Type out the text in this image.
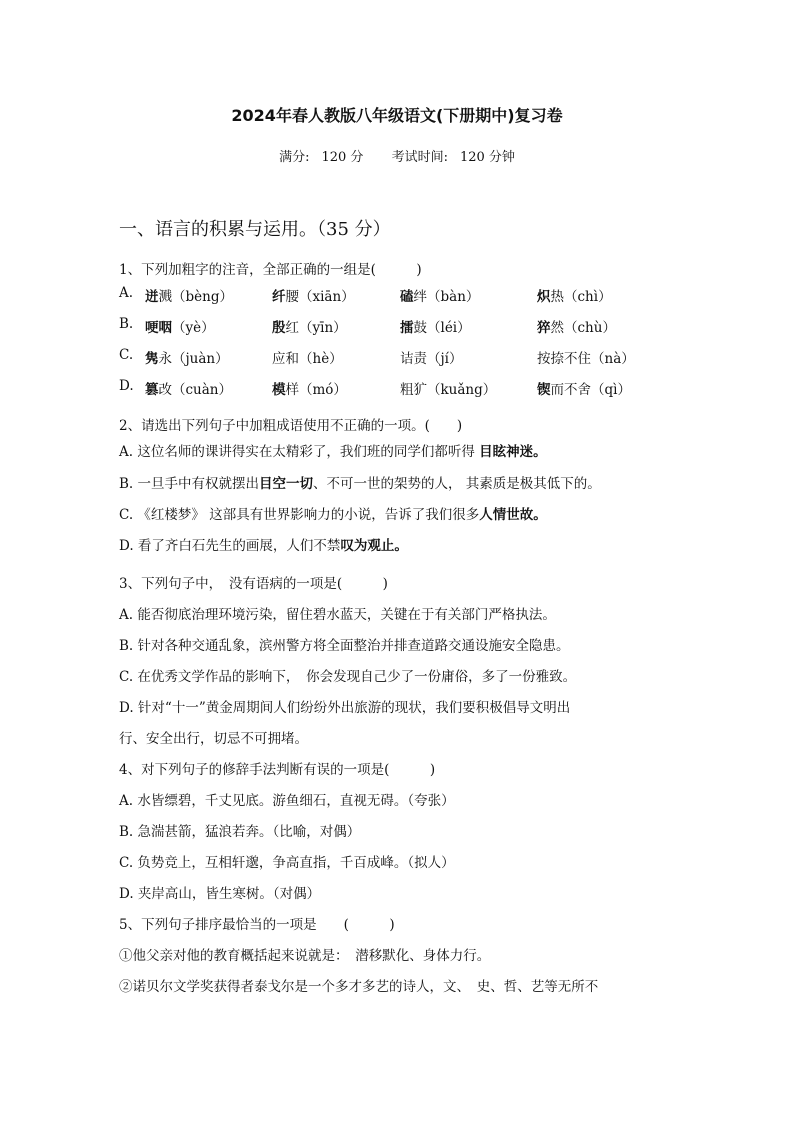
2024年春人教版八年级语文(下册期中)复习卷
满分: 120 分 考试时间: 120 分钟
一、语言的积累与运用。（35 分）
1、下列加粗字的注音，全部正确的一组是(　　　)
A. 迸溅（bèng）	纤腰（xiān）	磕绊（bàn）	炽热（chì）
B. 哽咽（yè）	殷红（yīn）	擂鼓（léi）	猝然（chù）
C. 隽永（juàn）	应和（hè）	诘责（jí）	按捺不住（nà）
D. 篡改（cuàn）	模样（mó）	粗犷（kuǎng）	锲而不舍（qì）
2、请选出下列句子中加粗成语使用不正确的一项。(　　)
A. 这位名师的课讲得实在太精彩了，我们班的同学们都听得 目眩神迷。
B. 一旦手中有权就摆出目空一切、不可一世的架势的人， 其素质是极其低下的。
C. 《红楼梦》 这部具有世界影响力的小说，告诉了我们很多人情世故。
D. 看了齐白石先生的画展，人们不禁叹为观止。
3、下列句子中，　没有语病的一项是(　　　)
A. 能否彻底治理环境污染，留住碧水蓝天，关键在于有关部门严格执法。
B. 针对各种交通乱象，滨州警方将全面整治并排查道路交通设施安全隐患。
C. 在优秀文学作品的影响下，　你会发现自己少了一份庸俗，多了一份雅致。
D. 针对“十一”黄金周期间人们纷纷外出旅游的现状，我们要积极倡导文明出
行、安全出行，切忌不可拥堵。
4、对下列句子的修辞手法判断有误的一项是(　　　)
A. 水皆缥碧，千丈见底。游鱼细石，直视无碍。（夸张）
B. 急湍甚箭，猛浪若奔。（比喻，对偶）
C. 负势竞上，互相轩邈，争高直指，千百成峰。（拟人）
D. 夹岸高山，皆生寒树。（对偶）
5、下列句子排序最恰当的一项是　　(　　　)
①他父亲对他的教育概括起来说就是：　潜移默化、身体力行。
②诺贝尔文学奖获得者泰戈尔是一个多才多艺的诗人，文、　史、哲、艺等无所不
